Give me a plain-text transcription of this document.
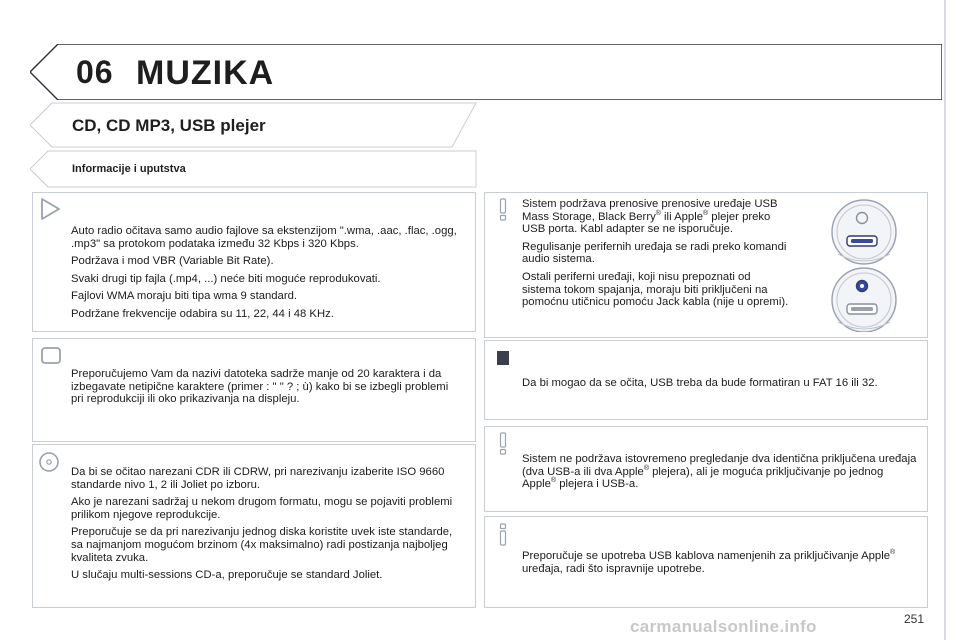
06 MUZIKA
CD, CD MP3, USB plejer
Informacije i uputstva

Auto radio očitava samo audio fajlove sa ekstenzijom ".wma, .aac, .flac, .ogg, .mp3" sa protokom podataka između 32 Kbps i 320 Kbps.

Podržava i mod VBR (Variable Bit Rate).

Svaki drugi tip fajla (.mp4, ...) neće biti moguće reprodukovati.

Fajlovi WMA moraju biti tipa wma 9 standard.

Podržane frekvencije odabira su 11, 22, 44 i 48 KHz.

Preporučujemo Vam da nazivi datoteka sadrže manje od 20 karaktera i da izbegavate netipične karaktere (primer : " " ? ; ù) kako bi se izbegli problemi pri reprodukciji ili oko prikazivanja na displeju.

Da bi se očitao narezani CDR ili CDRW, pri narezivanju izaberite ISO 9660 standarde nivo 1, 2 ili Joliet po izboru.

Ako je narezani sadržaj u nekom drugom formatu, mogu se pojaviti problemi prilikom njegove reprodukcije.

Preporučuje se da pri narezivanju jednog diska koristite uvek iste standarde, sa najmanjom mogućom brzinom (4x maksimalno) radi postizanja najboljeg kvaliteta zvuka.

U slučaju multi-sessions CD-a, preporučuje se standard Joliet.

Sistem podržava prenosive prenosive uređaje USB Mass Storage, Black Berry® ili Apple® plejer preko USB porta. Kabl adapter se ne isporučuje.

Regulisanje perifernih uređaja se radi preko komandi audio sistema.

Ostali periferni uređaji, koji nisu prepoznati od sistema tokom spajanja, moraju biti priključeni na pomoćnu utičnicu pomoću Jack kabla (nije u opremi).

Da bi mogao da se očita, USB treba da bude formatiran u FAT 16 ili 32.

Sistem ne podržava istovremeno pregledanje dva identična priključena uređaja (dva USB-a ili dva Apple® plejera), ali je moguća priključivanje po jednog Apple® plejera i USB-a.

Preporučuje se upotreba USB kablova namenjenih za priključivanje Apple® uređaja, radi što ispravnije upotrebe.

carmanualsonline.info	251
